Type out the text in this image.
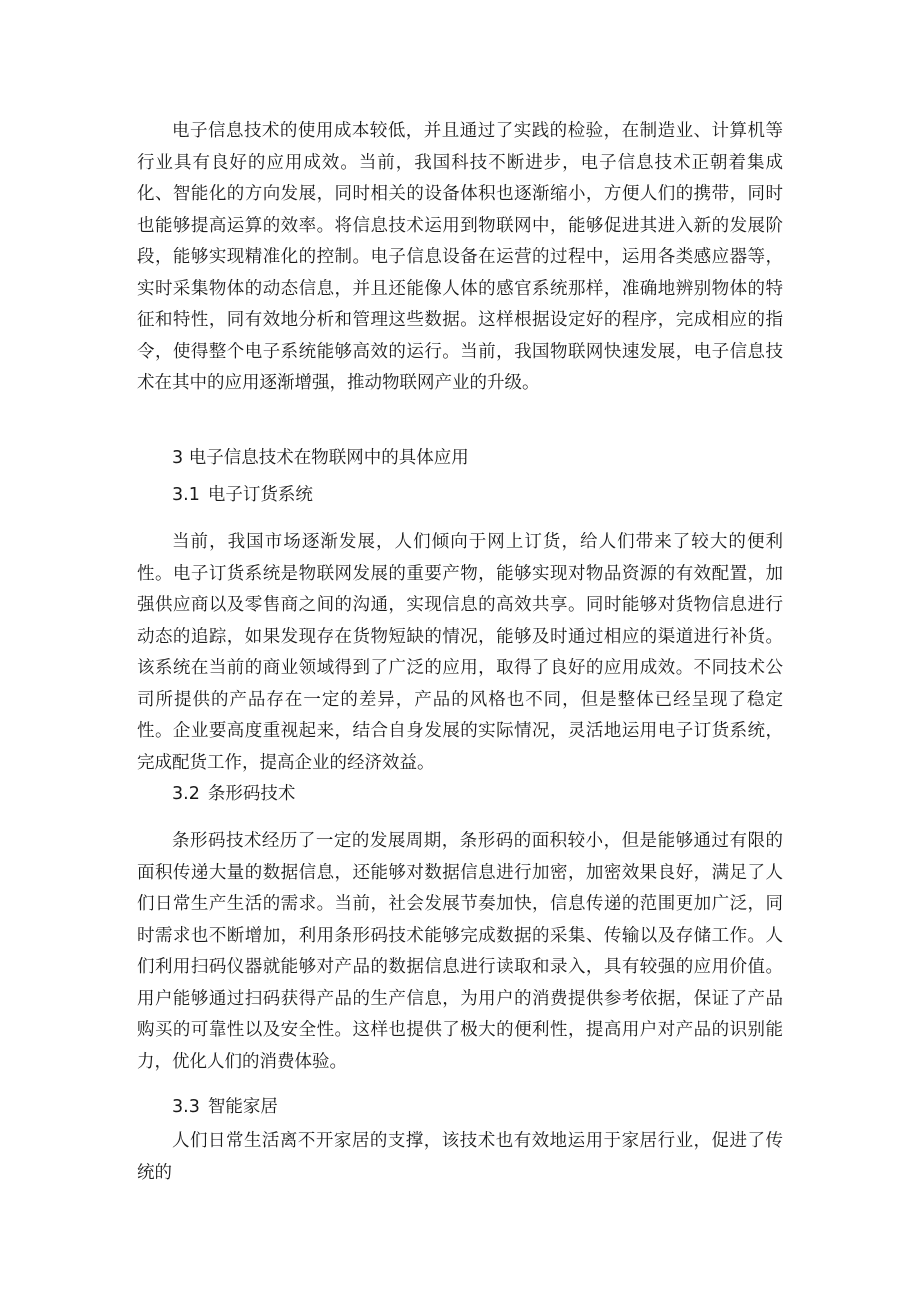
电子信息技术的使用成本较低，并且通过了实践的检验，在制造业、计算机等行业具有良好的应用成效。当前，我国科技不断进步，电子信息技术正朝着集成化、智能化的方向发展，同时相关的设备体积也逐渐缩小，方便人们的携带，同时也能够提高运算的效率。将信息技术运用到物联网中，能够促进其进入新的发展阶段，能够实现精准化的控制。电子信息设备在运营的过程中，运用各类感应器等，实时采集物体的动态信息，并且还能像人体的感官系统那样，准确地辨别物体的特征和特性，同有效地分析和管理这些数据。这样根据设定好的程序，完成相应的指令，使得整个电子系统能够高效的运行。当前，我国物联网快速发展，电子信息技术在其中的应用逐渐增强，推动物联网产业的升级。

3 电子信息技术在物联网中的具体应用

3.1 电子订货系统

当前，我国市场逐渐发展，人们倾向于网上订货，给人们带来了较大的便利性。电子订货系统是物联网发展的重要产物，能够实现对物品资源的有效配置，加强供应商以及零售商之间的沟通，实现信息的高效共享。同时能够对货物信息进行动态的追踪，如果发现存在货物短缺的情况，能够及时通过相应的渠道进行补货。该系统在当前的商业领域得到了广泛的应用，取得了良好的应用成效。不同技术公司所提供的产品存在一定的差异，产品的风格也不同，但是整体已经呈现了稳定性。企业要高度重视起来，结合自身发展的实际情况，灵活地运用电子订货系统，完成配货工作，提高企业的经济效益。

3.2 条形码技术

条形码技术经历了一定的发展周期，条形码的面积较小，但是能够通过有限的面积传递大量的数据信息，还能够对数据信息进行加密，加密效果良好，满足了人们日常生产生活的需求。当前，社会发展节奏加快，信息传递的范围更加广泛，同时需求也不断增加，利用条形码技术能够完成数据的采集、传输以及存储工作。人们利用扫码仪器就能够对产品的数据信息进行读取和录入，具有较强的应用价值。用户能够通过扫码获得产品的生产信息，为用户的消费提供参考依据，保证了产品购买的可靠性以及安全性。这样也提供了极大的便利性，提高用户对产品的识别能力，优化人们的消费体验。

3.3 智能家居

人们日常生活离不开家居的支撑，该技术也有效地运用于家居行业，促进了传统的
